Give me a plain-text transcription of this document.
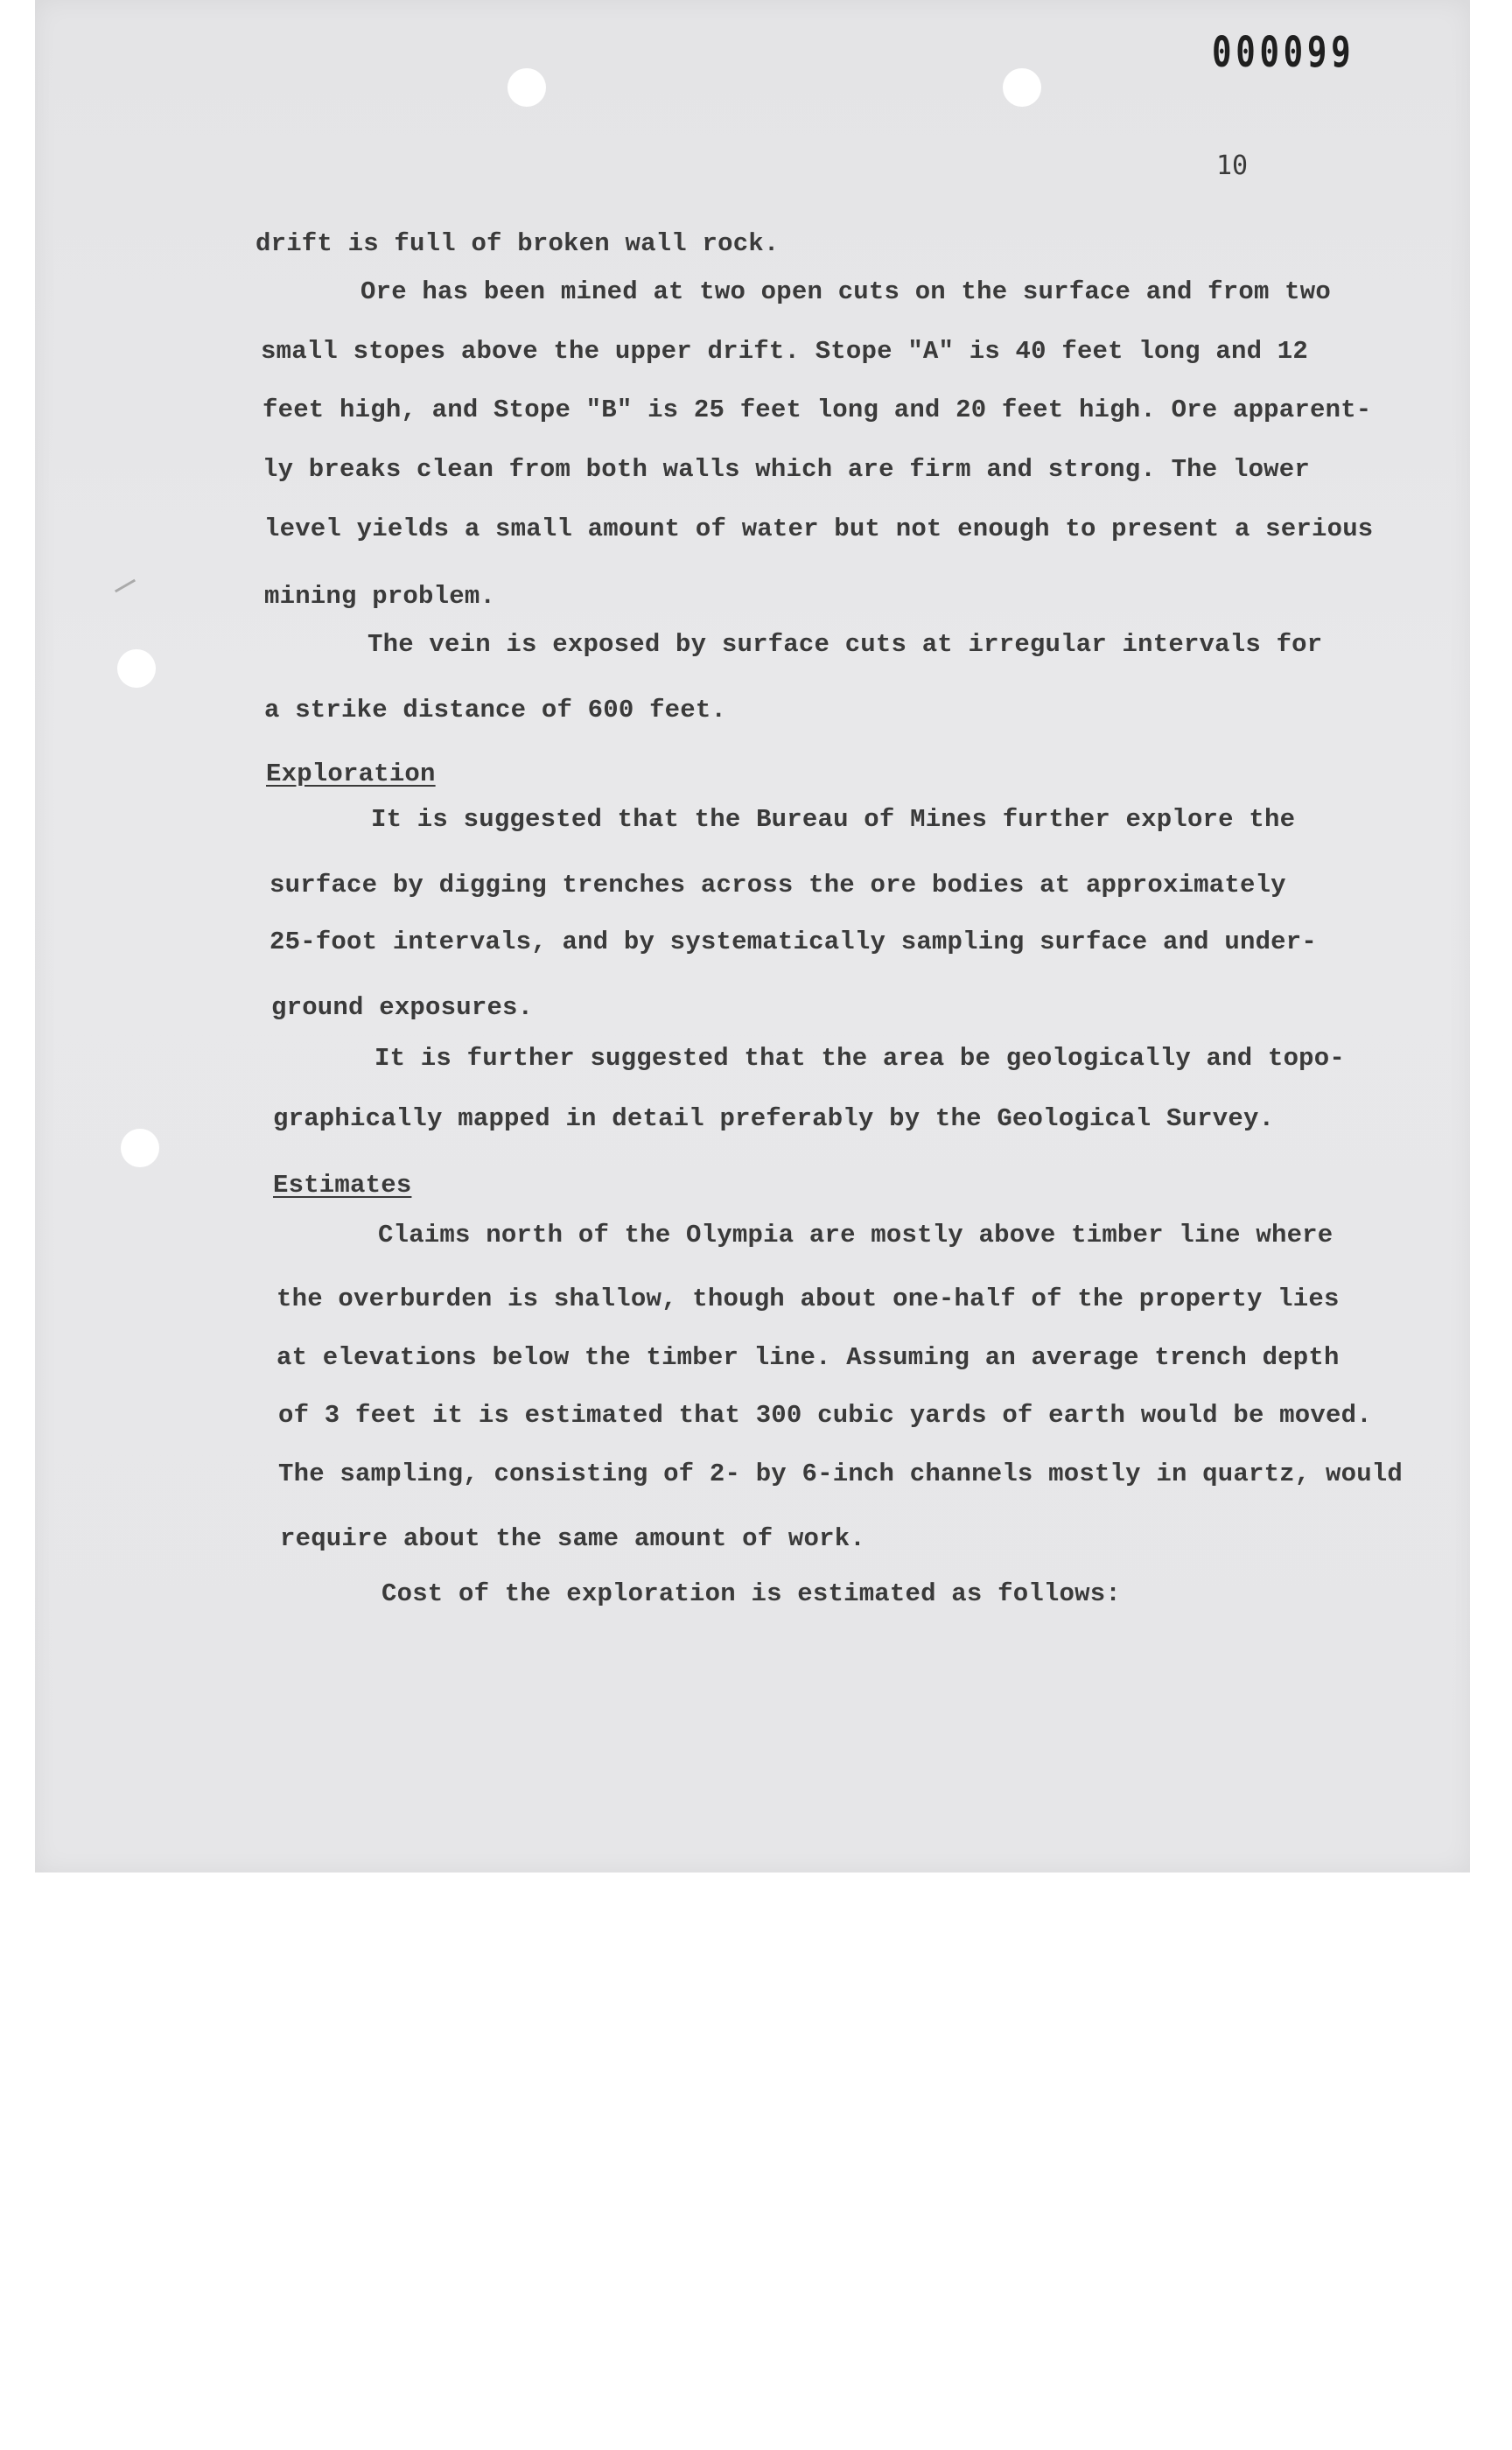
000099
10
drift is full of broken wall rock.
Ore has been mined at two open cuts on the surface and from two
small stopes above the upper drift. Stope "A" is 40 feet long and 12
feet high, and Stope "B" is 25 feet long and 20 feet high. Ore apparent-
ly breaks clean from both walls which are firm and strong. The lower
level yields a small amount of water but not enough to present a serious
mining problem.
The vein is exposed by surface cuts at irregular intervals for
a strike distance of 600 feet.
Exploration
It is suggested that the Bureau of Mines further explore the
surface by digging trenches across the ore bodies at approximately
25-foot intervals, and by systematically sampling surface and under-
ground exposures.
It is further suggested that the area be geologically and topo-
graphically mapped in detail preferably by the Geological Survey.
Estimates
Claims north of the Olympia are mostly above timber line where
the overburden is shallow, though about one-half of the property lies
at elevations below the timber line. Assuming an average trench depth
of 3 feet it is estimated that 300 cubic yards of earth would be moved.
The sampling, consisting of 2- by 6-inch channels mostly in quartz, would
require about the same amount of work.
Cost of the exploration is estimated as follows:
